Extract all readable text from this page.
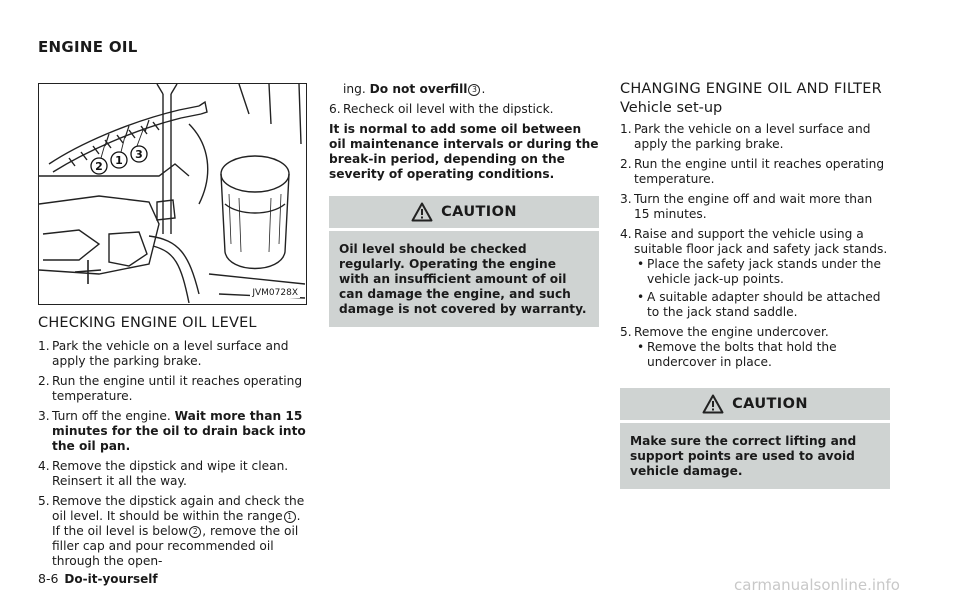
ENGINE OIL
2 1 3
JVM0728X
CHECKING ENGINE OIL LEVEL
1. Park the vehicle on a level surface and apply the parking brake.
2. Run the engine until it reaches operating temperature.
3. Turn off the engine. Wait more than 15 minutes for the oil to drain back into the oil pan.
4. Remove the dipstick and wipe it clean. Reinsert it all the way.
5. Remove the dipstick again and check the oil level. It should be within the range 1 . If the oil level is below 2 , remove the oil filler cap and pour recommended oil through the open-
ing. Do not overfill 3 .
6. Recheck oil level with the dipstick.
It is normal to add some oil between oil maintenance intervals or during the break-in period, depending on the severity of operating conditions.
CAUTION
Oil level should be checked regularly. Operating the engine with an insufficient amount of oil can damage the engine, and such damage is not covered by warranty.
CHANGING ENGINE OIL AND FILTER
Vehicle set-up
1. Park the vehicle on a level surface and apply the parking brake.
2. Run the engine until it reaches operating temperature.
3. Turn the engine off and wait more than 15 minutes.
4. Raise and support the vehicle using a suitable floor jack and safety jack stands.
• Place the safety jack stands under the vehicle jack-up points.
• A suitable adapter should be attached to the jack stand saddle.
5. Remove the engine undercover.
• Remove the bolts that hold the undercover in place.
CAUTION
Make sure the correct lifting and support points are used to avoid vehicle damage.
8-6 Do-it-yourself	carmanualsonline.info
